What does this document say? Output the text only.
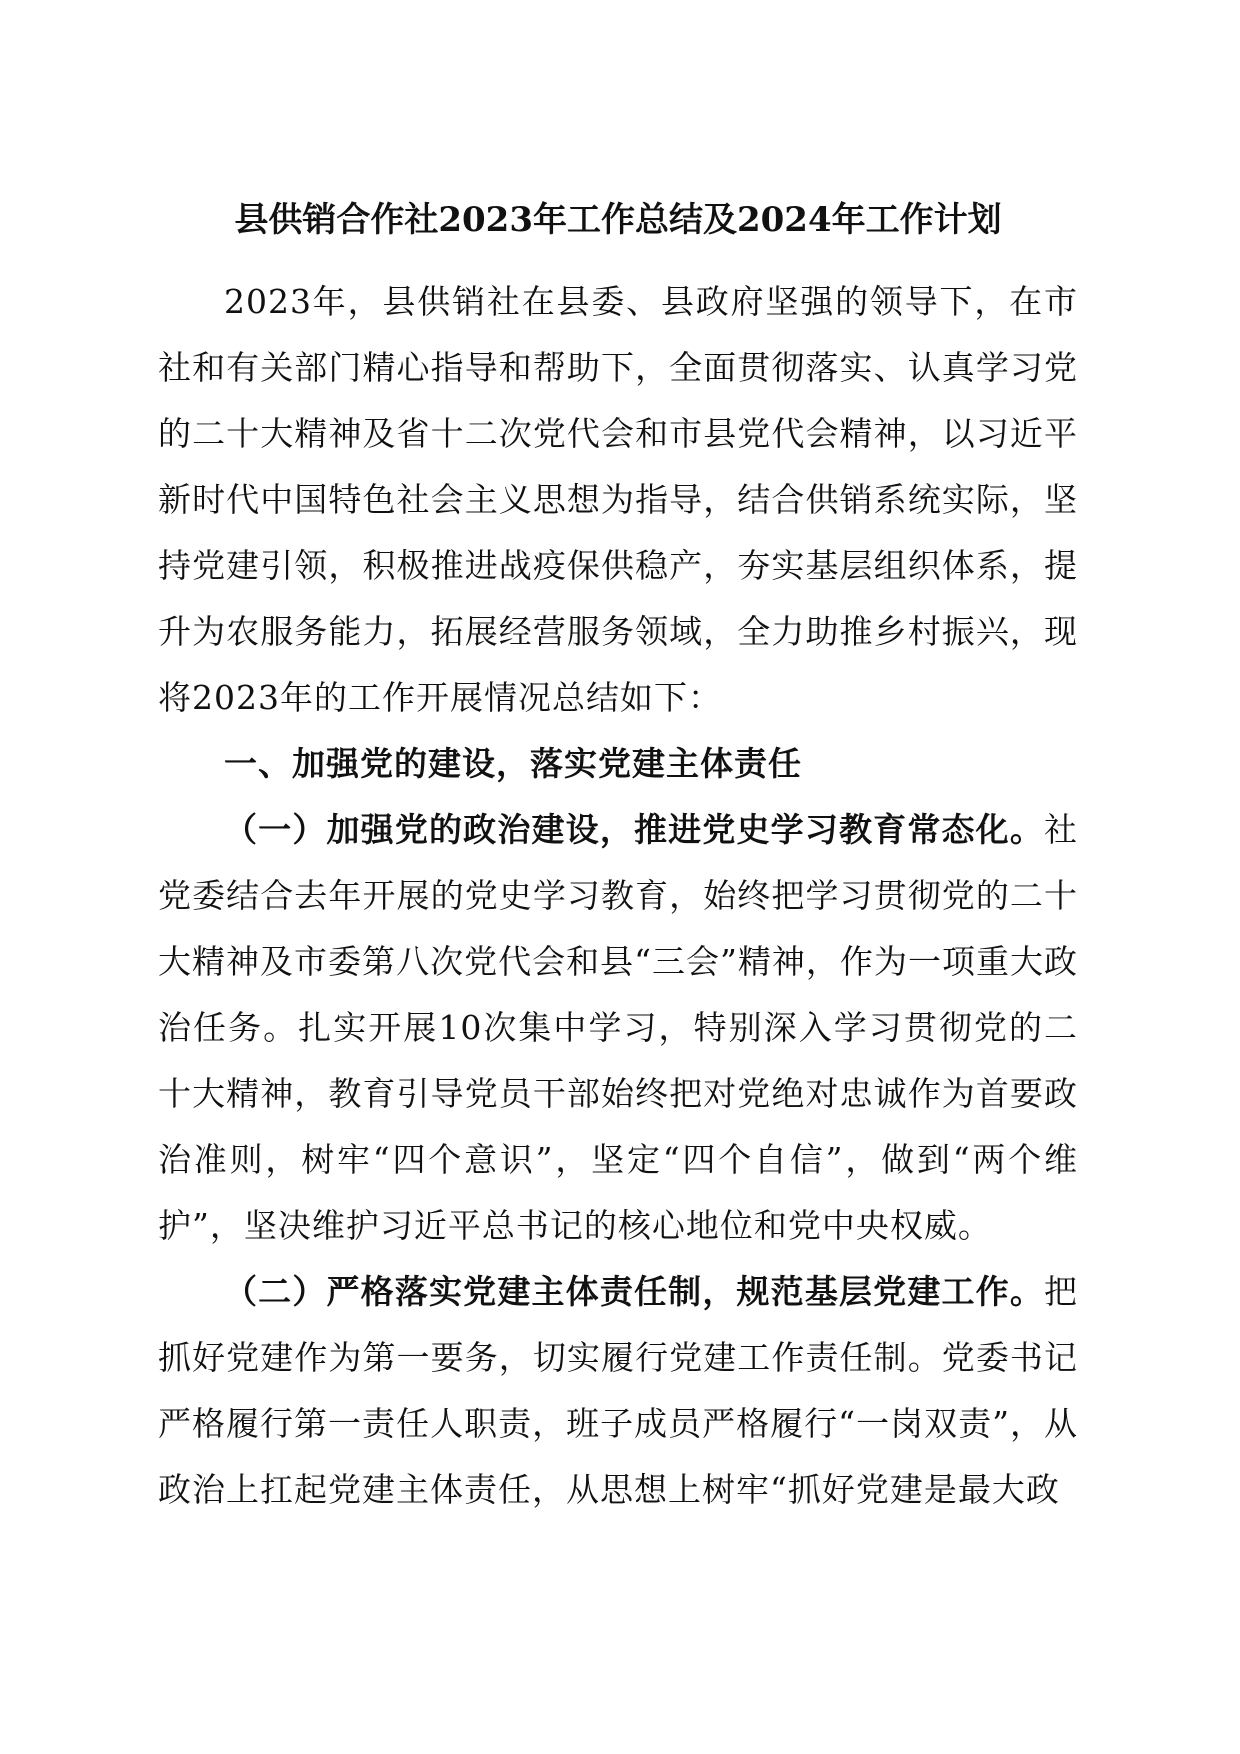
县供销合作社2023年工作总结及2024年工作计划

2023年，县供销社在县委、县政府坚强的领导下，在市社和有关部门精心指导和帮助下，全面贯彻落实、认真学习党的二十大精神及省十二次党代会和市县党代会精神，以习近平新时代中国特色社会主义思想为指导，结合供销系统实际，坚持党建引领，积极推进战疫保供稳产，夯实基层组织体系，提升为农服务能力，拓展经营服务领域，全力助推乡村振兴，现将2023年的工作开展情况总结如下：

一、加强党的建设，落实党建主体责任

（一）加强党的政治建设，推进党史学习教育常态化。社党委结合去年开展的党史学习教育，始终把学习贯彻党的二十大精神及市委第八次党代会和县“三会”精神，作为一项重大政治任务。扎实开展10次集中学习，特别深入学习贯彻党的二十大精神，教育引导党员干部始终把对党绝对忠诚作为首要政治准则，树牢“四个意识”，坚定“四个自信”，做到“两个维护”，坚决维护习近平总书记的核心地位和党中央权威。

（二）严格落实党建主体责任制，规范基层党建工作。把抓好党建作为第一要务，切实履行党建工作责任制。党委书记严格履行第一责任人职责，班子成员严格履行“一岗双责”，从政治上扛起党建主体责任，从思想上树牢“抓好党建是最大政
